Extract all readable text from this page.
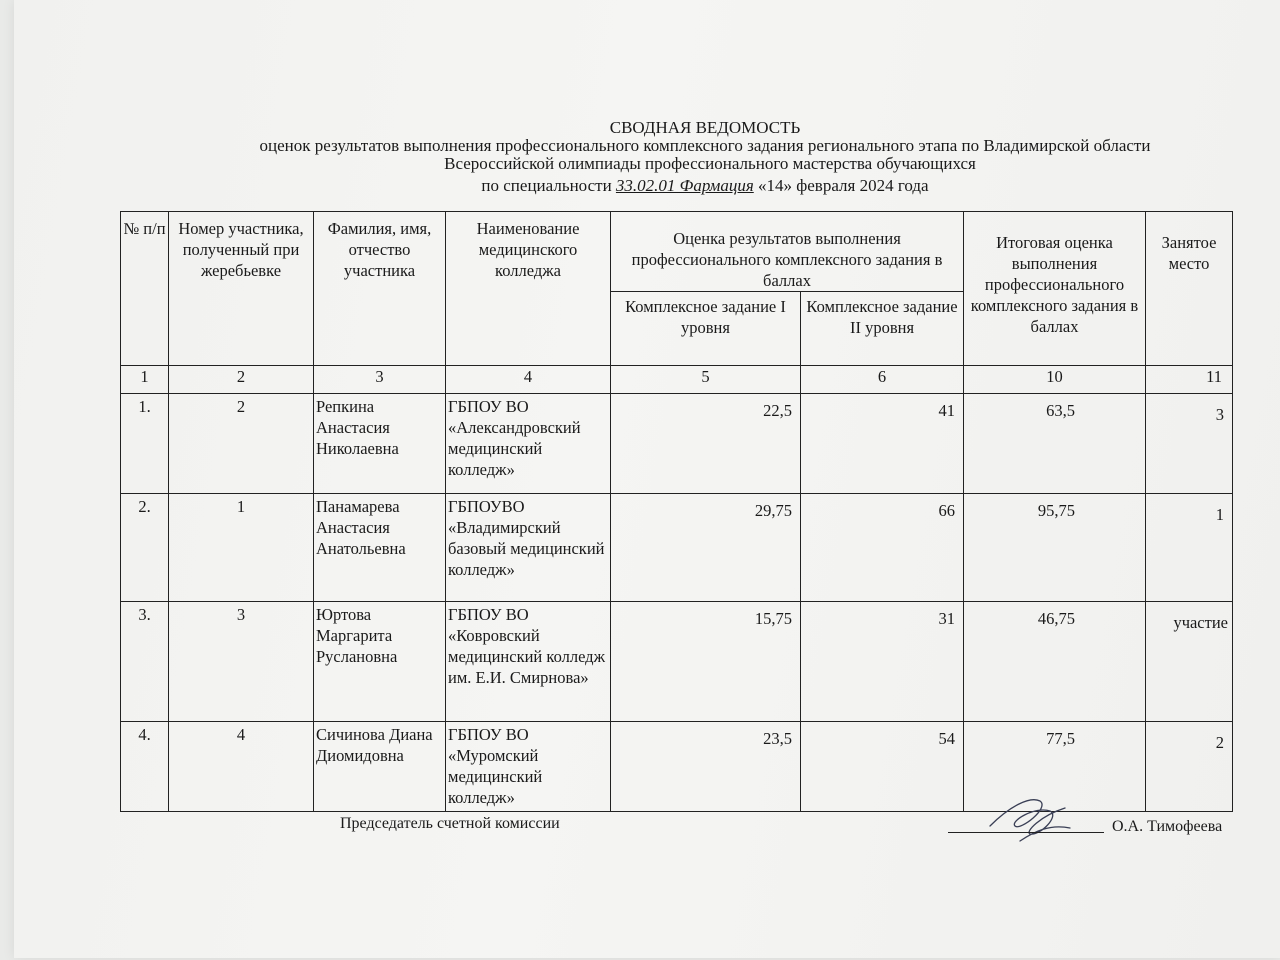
СВОДНАЯ ВЕДОМОСТЬ
оценок результатов выполнения профессионального комплексного задания регионального этапа по Владимирской области
Всероссийской олимпиады профессионального мастерства обучающихся
по специальности 33.02.01 Фармация «14» февраля 2024 года
№ п/п	Номер участника, полученный при жеребьевке	Фамилия, имя, отчество участника	Наименование медицинского колледжа	Оценка результатов выполнения профессионального комплексного задания в баллах		Итоговая оценка выполнения профессионального комплексного задания в баллах	Занятое место
				Комплексное задание I уровня	Комплексное задание II уровня		
1	2	3	4	5	6	10	11
1.	2	Репкина Анастасия Николаевна	ГБПОУ ВО «Александровский медицинский колледж»	22,5	41	63,5	3
2.	1	Панамарева Анастасия Анатольевна	ГБПОУВО «Владимирский базовый медицинский колледж»	29,75	66	95,75	1
3.	3	Юртова Маргарита Руслановна	ГБПОУ ВО «Ковровский медицинский колледж им. Е.И. Смирнова»	15,75	31	46,75	участие
4.	4	Сичинова Диана Диомидовна	ГБПОУ ВО «Муромский медицинский колледж»	23,5	54	77,5	2
Председатель счетной комиссии	О.А. Тимофеева
